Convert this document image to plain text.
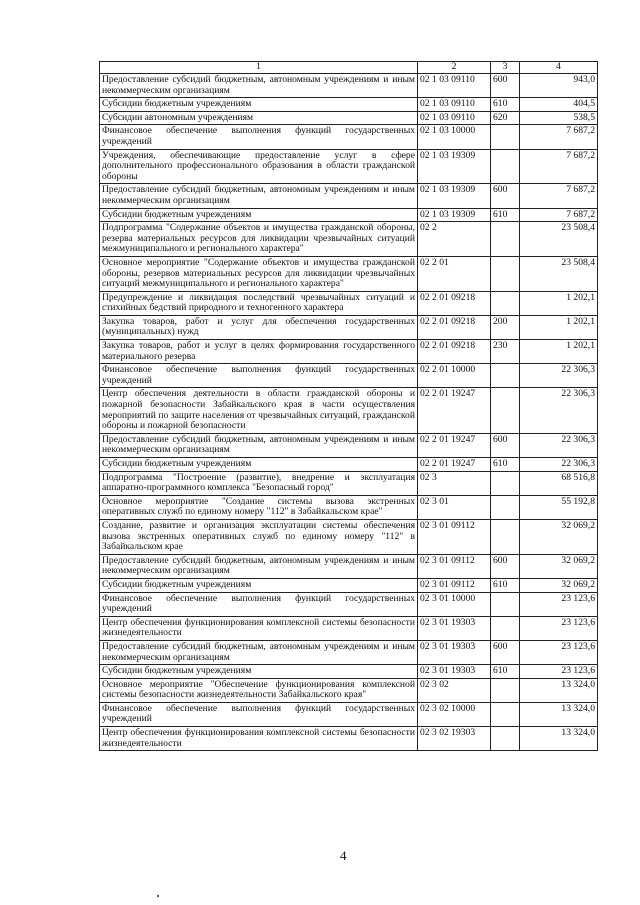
1	2	3	4
Предоставление субсидий бюджетным, автономным учреждениям и иным некоммерческим организациям	02 1 03 09110	600	943,0
Субсидии бюджетным учреждениям	02 1 03 09110	610	404,5
Субсидии автономным учреждениям	02 1 03 09110	620	538,5
Финансовое обеспечение выполнения функций государственных учреждений	02 1 03 10000		7 687,2
Учреждения, обеспечивающие предоставление услуг в сфере дополнительного профессионального образования в области гражданской обороны	02 1 03 19309		7 687,2
Предоставление субсидий бюджетным, автономным учреждениям и иным некоммерческим организациям	02 1 03 19309	600	7 687,2
Субсидии бюджетным учреждениям	02 1 03 19309	610	7 687,2
Подпрограмма "Содержание объектов и имущества гражданской обороны, резерва материальных ресурсов для ликвидации чрезвычайных ситуаций межмуниципального и регионального характера"	02 2		23 508,4
Основное мероприятие "Содержание объектов и имущества гражданской обороны, резервов материальных ресурсов для ликвидации чрезвычайных ситуаций межмуниципального и регионального характера"	02 2 01		23 508,4
Предупреждение и ликвидация последствий чрезвычайных ситуаций и стихийных бедствий природного и техногенного характера	02 2 01 09218		1 202,1
Закупка товаров, работ и услуг для обеспечения государственных (муниципальных) нужд	02 2 01 09218	200	1 202,1
Закупка товаров, работ и услуг в целях формирования государственного материального резерва	02 2 01 09218	230	1 202,1
Финансовое обеспечение выполнения функций государственных учреждений	02 2 01 10000		22 306,3
Центр обеспечения деятельности в области гражданской обороны и пожарной безопасности Забайкальского края в части осуществления мероприятий по защите населения от чрезвычайных ситуаций, гражданской обороны и пожарной безопасности	02 2 01 19247		22 306,3
Предоставление субсидий бюджетным, автономным учреждениям и иным некоммерческим организациям	02 2 01 19247	600	22 306,3
Субсидии бюджетным учреждениям	02 2 01 19247	610	22 306,3
Подпрограмма "Построение (развитие), внедрение и эксплуатация аппаратно-программного комплекса "Безопасный город"	02 3		68 516,8
Основное мероприятие "Создание системы вызова экстренных оперативных служб по единому номеру "112" в Забайкальском крае"	02 3 01		55 192,8
Создание, развитие и организация эксплуатации системы обеспечения вызова экстренных оперативных служб по единому номеру "112" в Забайкальском крае	02 3 01 09112		32 069,2
Предоставление субсидий бюджетным, автономным учреждениям и иным некоммерческим организациям	02 3 01 09112	600	32 069,2
Субсидии бюджетным учреждениям	02 3 01 09112	610	32 069,2
Финансовое обеспечение выполнения функций государственных учреждений	02 3 01 10000		23 123,6
Центр обеспечения функционирования комплексной системы безопасности жизнедеятельности	02 3 01 19303		23 123,6
Предоставление субсидий бюджетным, автономным учреждениям и иным некоммерческим организациям	02 3 01 19303	600	23 123,6
Субсидии бюджетным учреждениям	02 3 01 19303	610	23 123,6
Основное мероприятие "Обеспечение функционирования комплексной системы безопасности жизнедеятельности Забайкальского края"	02 3 02		13 324,0
Финансовое обеспечение выполнения функций государственных учреждений	02 3 02 10000		13 324,0
Центр обеспечения функционирования комплексной системы безопасности жизнедеятельности	02 3 02 19303		13 324,0
4
